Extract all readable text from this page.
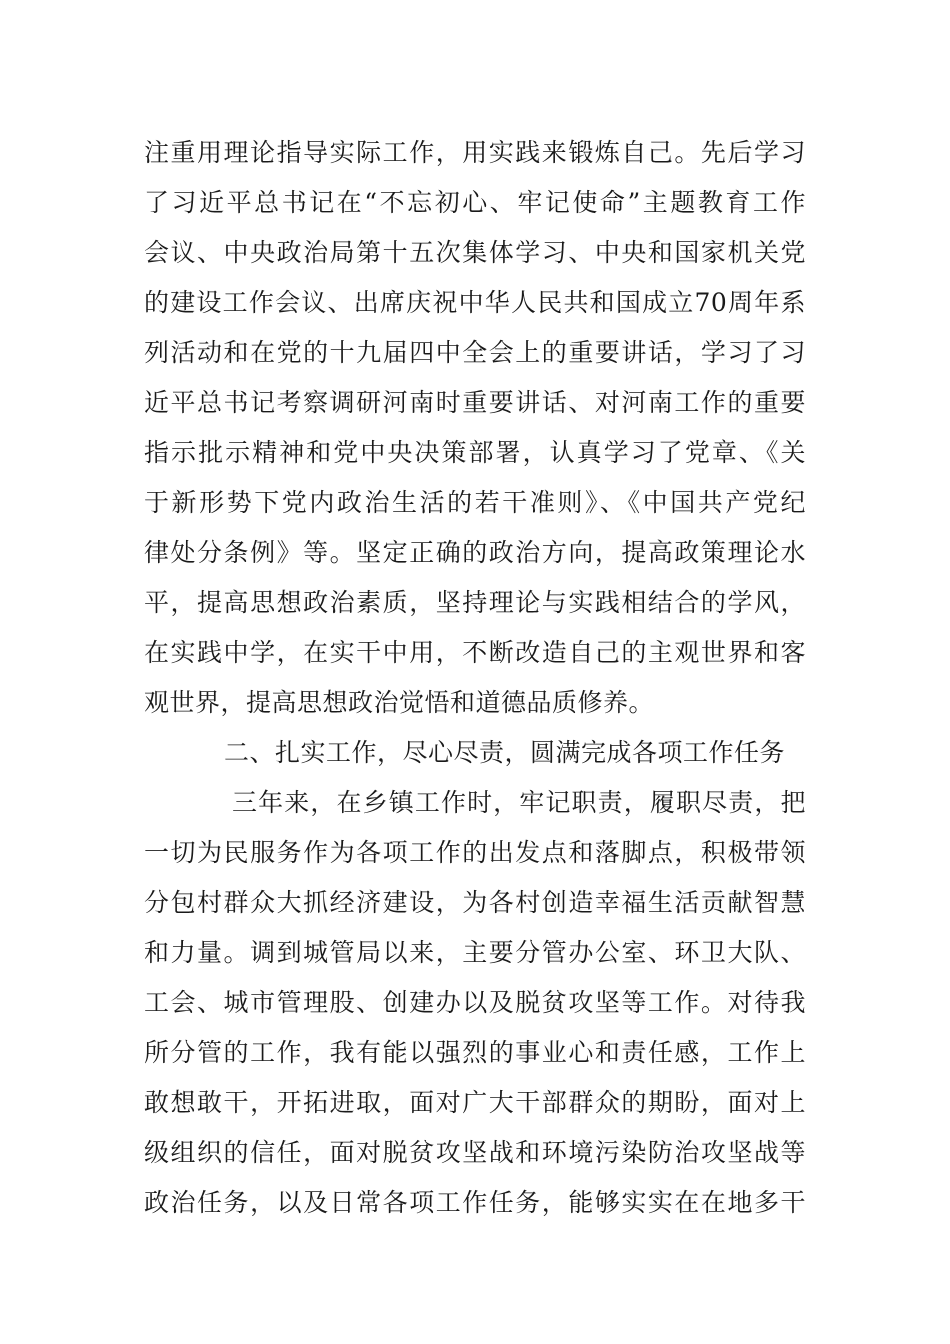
注重用理论指导实际工作，用实践来锻炼自己。先后学习
了习近平总书记在“不忘初心、牢记使命”主题教育工作
会议、中央政治局第十五次集体学习、中央和国家机关党
的建设工作会议、出席庆祝中华人民共和国成立70周年系
列活动和在党的十九届四中全会上的重要讲话，学习了习
近平总书记考察调研河南时重要讲话、对河南工作的重要
指示批示精神和党中央决策部署，认真学习了党章、《关
于新形势下党内政治生活的若干准则》、《中国共产党纪
律处分条例》等。坚定正确的政治方向，提高政策理论水
平，提高思想政治素质，坚持理论与实践相结合的学风，
在实践中学，在实干中用，不断改造自己的主观世界和客
观世界，提高思想政治觉悟和道德品质修养。
二、扎实工作，尽心尽责，圆满完成各项工作任务
三年来，在乡镇工作时，牢记职责，履职尽责，把
一切为民服务作为各项工作的出发点和落脚点，积极带领
分包村群众大抓经济建设，为各村创造幸福生活贡献智慧
和力量。调到城管局以来，主要分管办公室、环卫大队、
工会、城市管理股、创建办以及脱贫攻坚等工作。对待我
所分管的工作，我有能以强烈的事业心和责任感，工作上
敢想敢干，开拓进取，面对广大干部群众的期盼，面对上
级组织的信任，面对脱贫攻坚战和环境污染防治攻坚战等
政治任务，以及日常各项工作任务，能够实实在在地多干
